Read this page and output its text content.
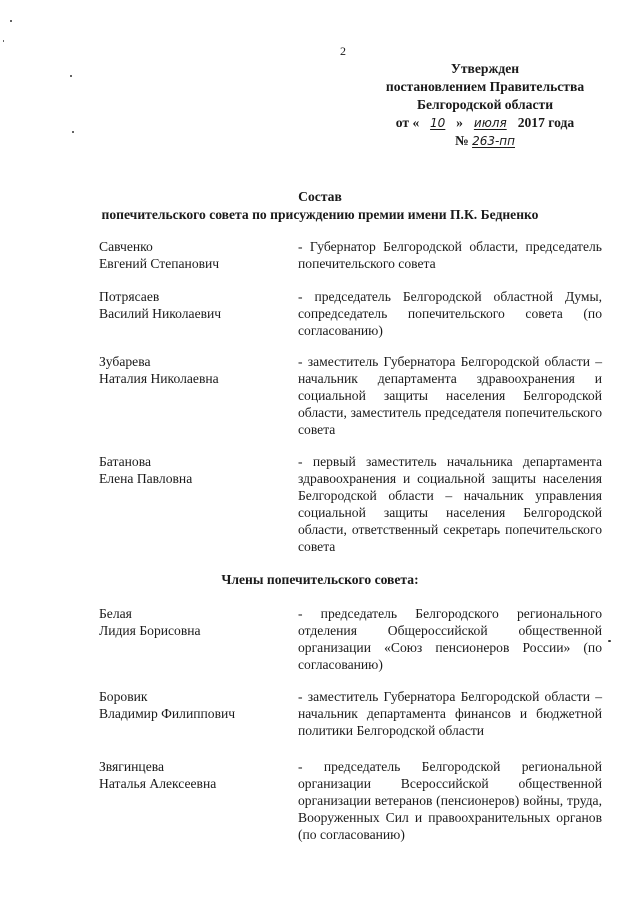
2
Утвержден
постановлением Правительства
Белгородской области
от « 10 » июля 2017 года
№ 263-пп
Состав
попечительского совета по присуждению премии имени П.К. Бедненко
Савченко
Евгений Степанович
- Губернатор Белгородской области, председатель попечительского совета
Потрясаев
Василий Николаевич
- председатель Белгородской областной Думы, сопредседатель попечительского совета (по согласованию)
Зубарева
Наталия Николаевна
- заместитель Губернатора Белгородской области – начальник департамента здравоохранения и социальной защиты населения Белгородской области, заместитель председателя попечительского совета
Батанова
Елена Павловна
- первый заместитель начальника департамента здравоохранения и социальной защиты населения Белгородской области – начальник управления социальной защиты населения Белгородской области, ответственный секретарь попечительского совета
Члены попечительского совета:
Белая
Лидия Борисовна
- председатель Белгородского регионального отделения Общероссийской общественной организации «Союз пенсионеров России» (по согласованию)
Боровик
Владимир Филиппович
- заместитель Губернатора Белгородской области – начальник департамента финансов и бюджетной политики Белгородской области
Звягинцева
Наталья Алексеевна
- председатель Белгородской региональной организации Всероссийской общественной организации ветеранов (пенсионеров) войны, труда, Вооруженных Сил и правоохранительных органов (по согласованию)
